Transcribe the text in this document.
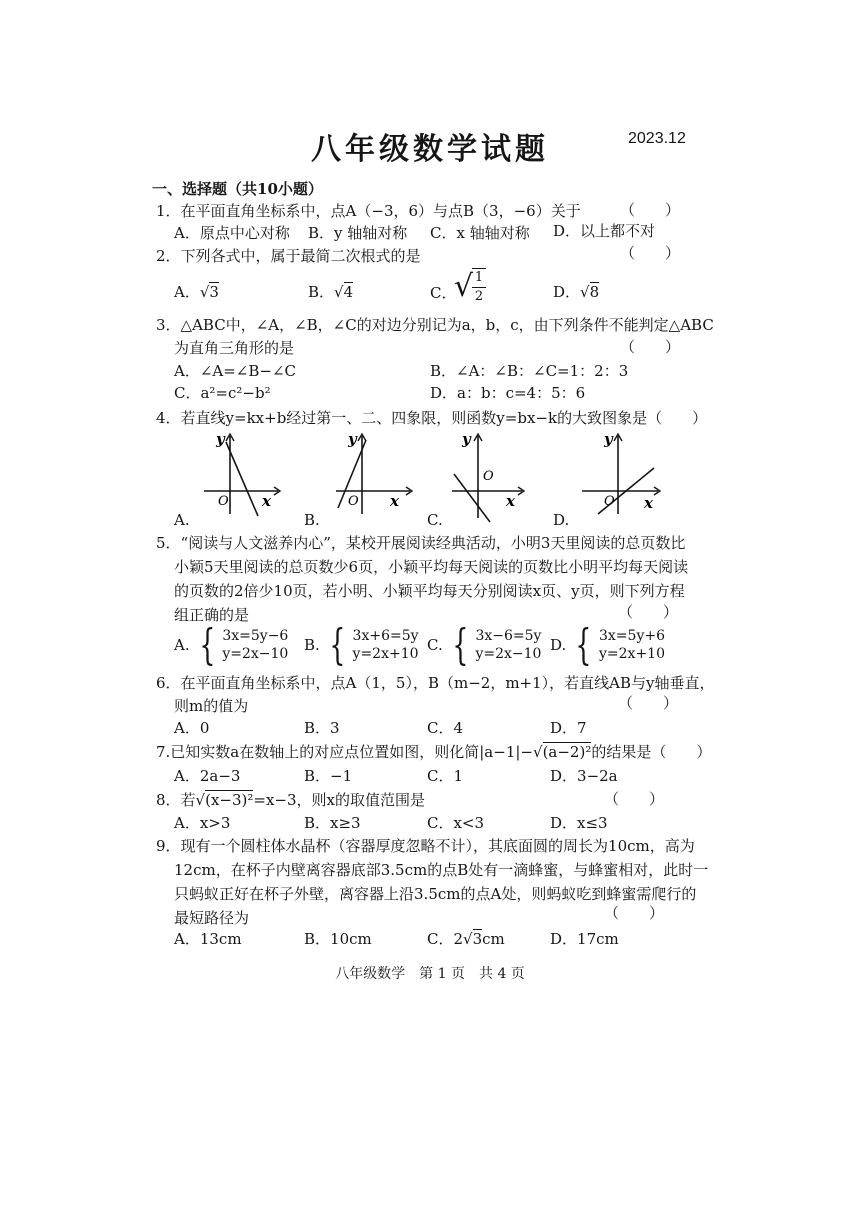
八年级数学试题	2023.12
一、选择题（共10小题）
1．在平面直角坐标系中，点A（−3，6）与点B（3，−6）关于	（　　）
A．原点中心对称 B．y 轴轴对称 C．x 轴轴对称 D．以上都不对
2．下列各式中，属于最简二次根式的是	（　　）
A．√3	B．√4	C．
√ 1
2	D．√8
3．△ABC中，∠A，∠B，∠C的对边分别记为a，b，c，由下列条件不能判定△ABC
为直角三角形的是	（　　）
A．∠A=∠B−∠C	B．∠A：∠B：∠C=1：2：3
C．a²=c²−b²	D．a：b：c=4：5：6
4．若直线y=kx+b经过第一、二、四象限，则函数y=bx−k的大致图象是（　　）
y
x
O
y
x
O
y
x
O
y
x
O
A.	B.	C.	D.
5．“阅读与人文滋养内心”，某校开展阅读经典活动，小明3天里阅读的总页数比
小颖5天里阅读的总页数少6页，小颖平均每天阅读的页数比小明平均每天阅读
的页数的2倍少10页，若小明、小颖平均每天分别阅读x页、y页，则下列方程
组正确的是	（　　）
A. { 3x=5y−6
y=2x−10 B. { 3x+6=5y
y=2x+10 C. { 3x−6=5y
y=2x−10 D. { 3x=5y+6
y=2x+10
6．在平面直角坐标系中，点A（1，5），B（m−2，m+1），若直线AB与y轴垂直，
则m的值为	（　　）
A．0	B．3	C．4	D．7
7.已知实数a在数轴上的对应点位置如图，则化简|a−1|−√(a−2)²的结果是（　　）
A．2a−3	B．−1	C．1	D．3−2a
8．若√(x−3)²=x−3，则x的取值范围是	（　　）
A．x>3	B．x≥3	C．x<3	D．x≤3
9．现有一个圆柱体水晶杯（容器厚度忽略不计），其底面圆的周长为10cm，高为
12cm，在杯子内壁离容器底部3.5cm的点B处有一滴蜂蜜，与蜂蜜相对，此时一
只蚂蚁正好在杯子外壁，离容器上沿3.5cm的点A处，则蚂蚁吃到蜂蜜需爬行的
最短路径为	（　　）
A．13cm	B．10cm	C．2√3cm	D．17cm
八年级数学　第 1 页　共 4 页
